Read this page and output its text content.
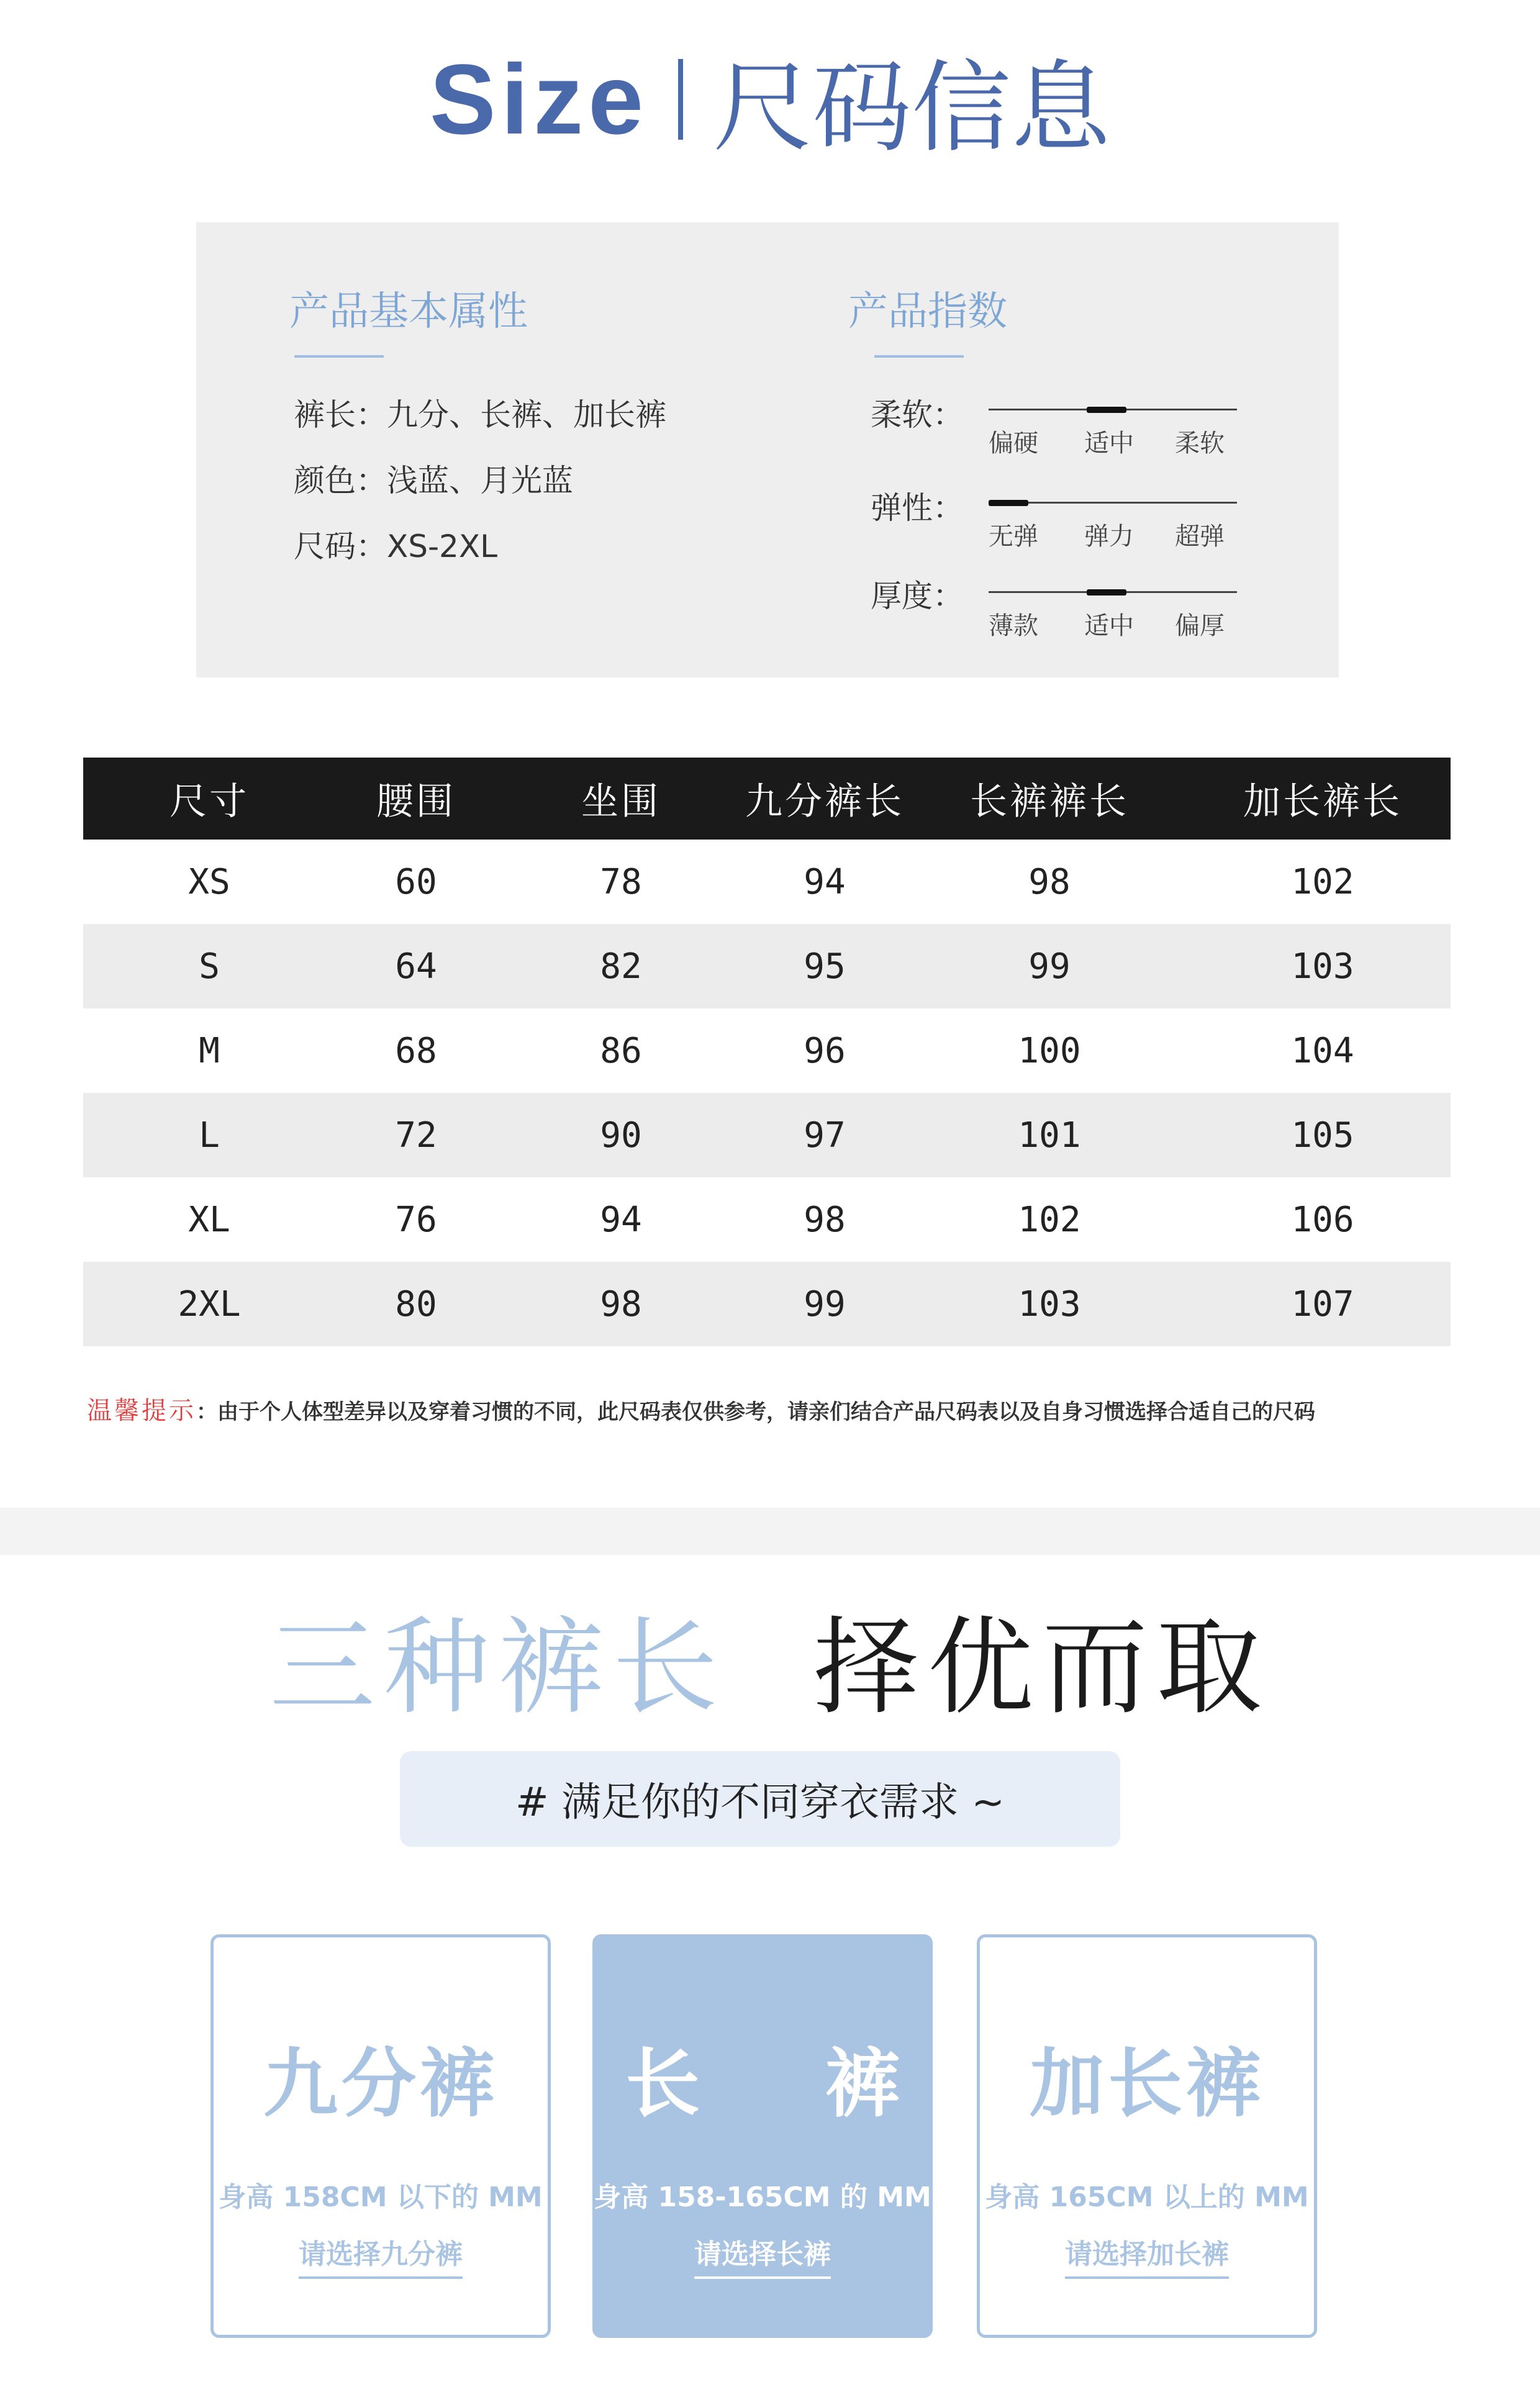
Size 尺码信息
产品基本属性
裤长：九分、长裤、加长裤
颜色：浅蓝、月光蓝
尺码：XS-2XL
产品指数
柔软：
偏硬 适中 柔软
弹性：
无弹 弹力 超弹
厚度：
薄款 适中 偏厚
尺寸	腰围	坐围	九分裤长	长裤裤长	加长裤长
XS	60	78	94	98	102
S	64	82	95	99	103
M	68	86	96	100	104
L	72	90	97	101	105
XL	76	94	98	102	106
2XL	80	98	99	103	107
温馨提示：由于个人体型差异以及穿着习惯的不同，此尺码表仅供参考，请亲们结合产品尺码表以及自身习惯选择合适自己的尺码
三种裤长 择优而取
# 满足你的不同穿衣需求 ~
九分裤
身高 158CM 以下的 MM
请选择九分裤
长 裤
身高 158-165CM 的 MM
请选择长裤
加长裤
身高 165CM 以上的 MM
请选择加长裤
